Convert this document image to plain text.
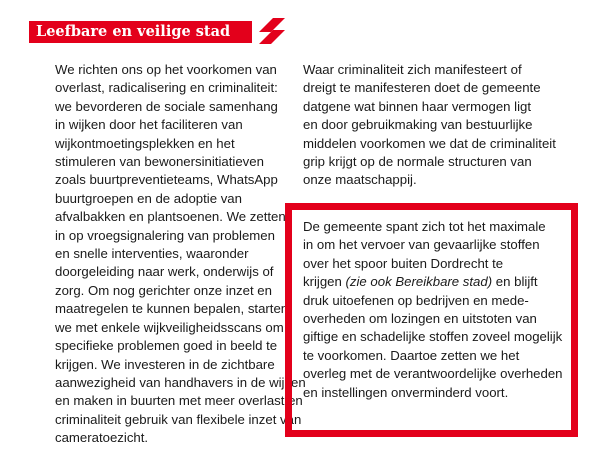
Leefbare en veilige stad

We richten ons op het voorkomen van
overlast, radicalisering en criminaliteit:
we bevorderen de sociale samenhang
in wijken door het faciliteren van
wijkontmoetingsplekken en het
stimuleren van bewonersinitiatieven
zoals buurtpreventieteams, WhatsApp
buurtgroepen en de adoptie van
afvalbakken en plantsoenen. We zetten
in op vroegsignalering van problemen
en snelle interventies, waaronder
doorgeleiding naar werk, onderwijs of
zorg. Om nog gerichter onze inzet en
maatregelen te kunnen bepalen, starten
we met enkele wijkveiligheidsscans om
specifieke problemen goed in beeld te
krijgen. We investeren in de zichtbare
aanwezigheid van handhavers in de wijken
en maken in buurten met meer overlast en
criminaliteit gebruik van flexibele inzet van
cameratoezicht.

Waar criminaliteit zich manifesteert of
dreigt te manifesteren doet de gemeente
datgene wat binnen haar vermogen ligt
en door gebruikmaking van bestuurlijke
middelen voorkomen we dat de criminaliteit
grip krijgt op de normale structuren van
onze maatschappij.

De gemeente spant zich tot het maximale
in om het vervoer van gevaarlijke stoffen
over het spoor buiten Dordrecht te
krijgen (zie ook Bereikbare stad) en blijft
druk uitoefenen op bedrijven en mede-
overheden om lozingen en uitstoten van
giftige en schadelijke stoffen zoveel mogelijk
te voorkomen. Daartoe zetten we het
overleg met de verantwoordelijke overheden
en instellingen onverminderd voort.
